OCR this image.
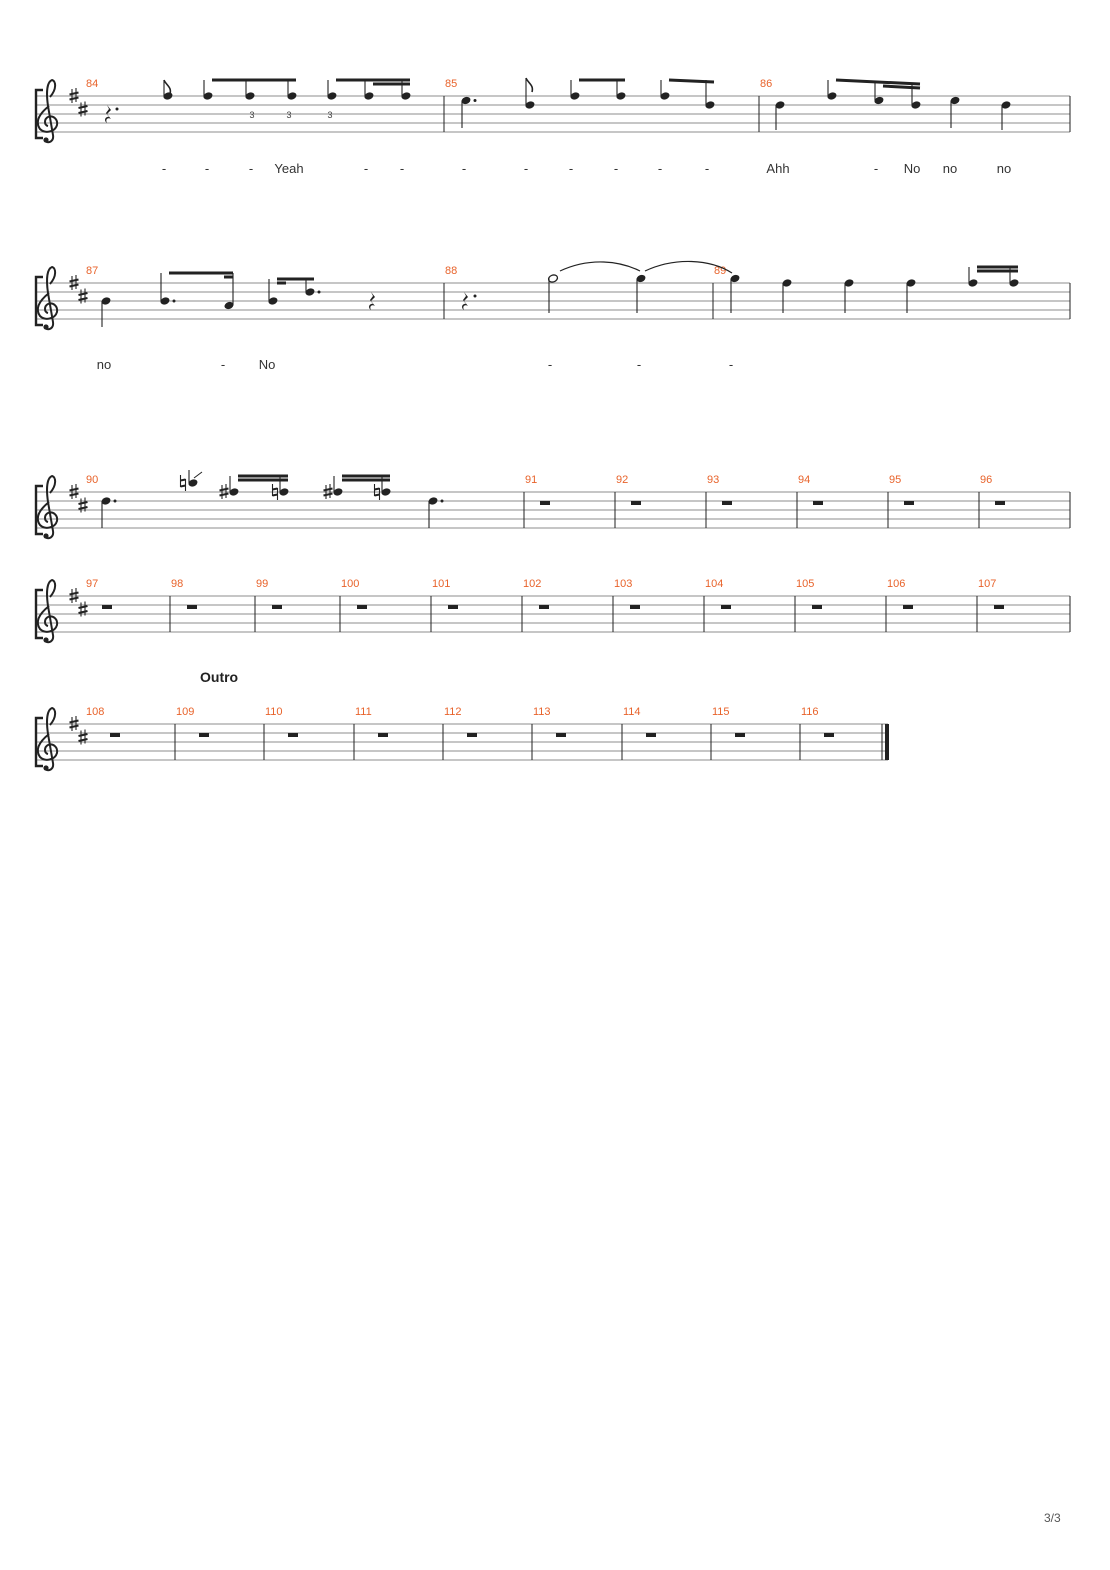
84	85	86
3	3	3
-	-	- Yeah	- -	-	-	-	-	-	-	Ahh	- No no	no
87	88	89
no	-	No	-	-	-
90	91	92	93	94	95	96
97	98	99	100	101	102	103	104	105	106	107
Outro
108	109	110	111	112	113	114	115	116
3/3
